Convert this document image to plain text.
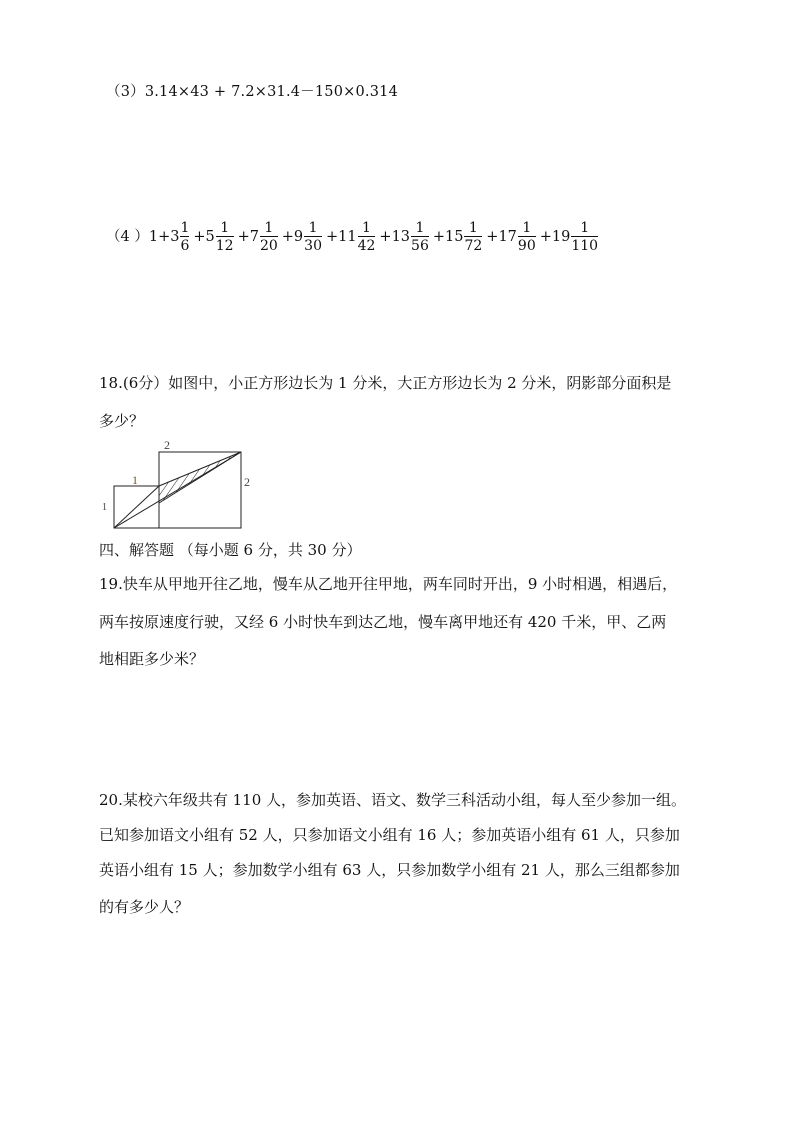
（3）3.14×43 + 7.2×31.4－150×0.314
（4 ） $1+3 \frac{1}{6} +5 \frac{1}{12} +7 \frac{1}{20} +9 \frac{1}{30} +11 \frac{1}{42} +13 \frac{1}{56} +15 \frac{1}{72} +17 \frac{1}{90} +19 \frac{1}{110}$
18.(6分）如图中，小正方形边长为 1 分米，大正方形边长为 2 分米，阴影部分面积是
多少？
2
2
1
1
四、解答题 （每小题 6 分，共 30 分）
19.快车从甲地开往乙地，慢车从乙地开往甲地，两车同时开出，9 小时相遇，相遇后，
两车按原速度行驶，又经 6 小时快车到达乙地，慢车离甲地还有 420 千米，甲、乙两
地相距多少米？
20.某校六年级共有 110 人，参加英语、语文、数学三科活动小组，每人至少参加一组。
已知参加语文小组有 52 人，只参加语文小组有 16 人；参加英语小组有 61 人，只参加
英语小组有 15 人；参加数学小组有 63 人，只参加数学小组有 21 人，那么三组都参加
的有多少人？
